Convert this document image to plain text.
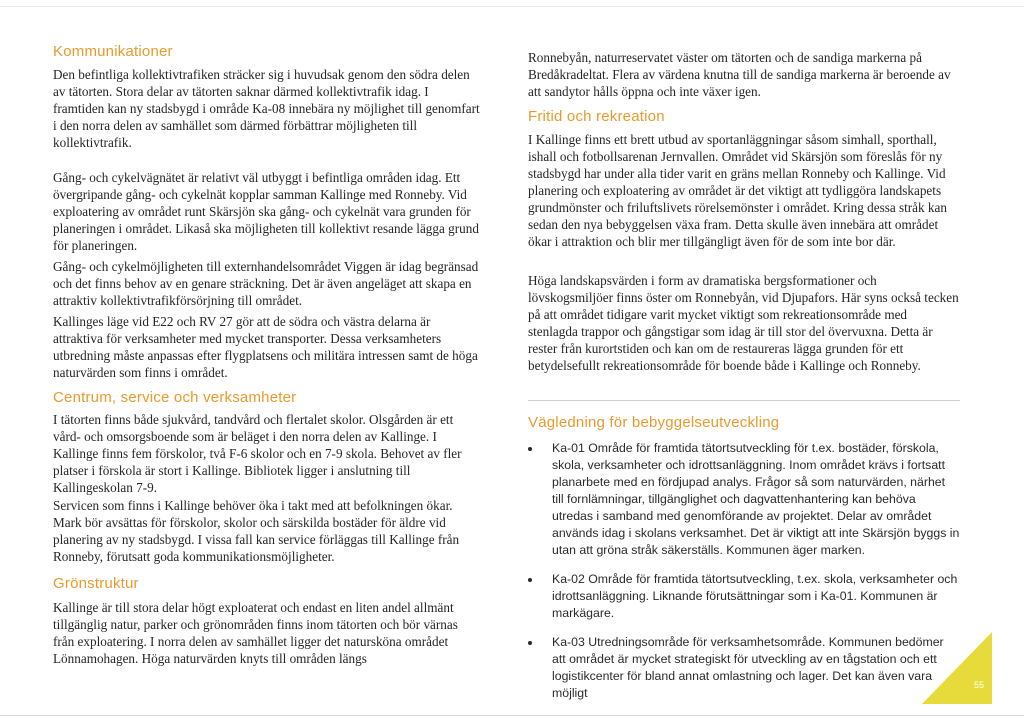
Kommunikationer

Den befintliga kollektivtrafiken sträcker sig i huvudsak genom den södra delen av tätorten. Stora delar av tätorten saknar därmed kollektivtrafik idag. I framtiden kan ny stadsbygd i område Ka-08 innebära ny möjlighet till genomfart i den norra delen av samhället som därmed förbättrar möjligheten till kollektivtrafik.

Gång- och cykelvägnätet är relativt väl utbyggt i befintliga områden idag. Ett övergripande gång- och cykelnät kopplar samman Kallinge med Ronneby. Vid exploatering av området runt Skärsjön ska gång- och cykelnät vara grunden för planeringen i området. Likaså ska möjligheten till kollektivt resande lägga grund för planeringen.

Gång- och cykelmöjligheten till externhandelsområdet Viggen är idag begränsad och det finns behov av en genare sträckning. Det är även angeläget att skapa en attraktiv kollektivtrafikförsörjning till området.

Kallinges läge vid E22 och RV 27 gör att de södra och västra delarna är attraktiva för verksamheter med mycket transporter. Dessa verksamheters utbredning måste anpassas efter flygplatsens och militära intressen samt de höga naturvärden som finns i området.

Centrum, service och verksamheter

I tätorten finns både sjukvård, tandvård och flertalet skolor. Olsgården är ett vård- och omsorgsboende som är beläget i den norra delen av Kallinge. I Kallinge finns fem förskolor, två F-6 skolor och en 7-9 skola. Behovet av fler platser i förskola är stort i Kallinge. Bibliotek ligger i anslutning till Kallingeskolan 7-9.

Servicen som finns i Kallinge behöver öka i takt med att befolkningen ökar. Mark bör avsättas för förskolor, skolor och särskilda bostäder för äldre vid planering av ny stadsbygd. I vissa fall kan service förläggas till Kallinge från Ronneby, förutsatt goda kommunikationsmöjligheter.

Grönstruktur

Kallinge är till stora delar högt exploaterat och endast en liten andel allmänt tillgänglig natur, parker och grönområden finns inom tätorten och bör värnas från exploatering. I norra delen av samhället ligger det natursköna området Lönnamohagen. Höga naturvärden knyts till områden längs

Ronnebyån, naturreservatet väster om tätorten och de sandiga markerna på Bredåkradeltat. Flera av värdena knutna till de sandiga markerna är beroende av att sandytor hålls öppna och inte växer igen.

Fritid och rekreation

I Kallinge finns ett brett utbud av sportanläggningar såsom simhall, sporthall, ishall och fotbollsarenan Jernvallen. Området vid Skärsjön som föreslås för ny stadsbygd har under alla tider varit en gräns mellan Ronneby och Kallinge. Vid planering och exploatering av området är det viktigt att tydliggöra landskapets grundmönster och friluftslivets rörelsemönster i området. Kring dessa stråk kan sedan den nya bebyggelsen växa fram. Detta skulle även innebära att området ökar i attraktion och blir mer tillgängligt även för de som inte bor där.

Höga landskapsvärden i form av dramatiska bergsformationer och lövskogsmiljöer finns öster om Ronnebyån, vid Djupafors. Här syns också tecken på att området tidigare varit mycket viktigt som rekreationsområde med stenlagda trappor och gångstigar som idag är till stor del övervuxna. Detta är rester från kurortstiden och kan om de restaureras lägga grunden för ett betydelsefullt rekreationsområde för boende både i Kallinge och Ronneby.

Vägledning för bebyggelseutveckling
Ka-01 Område för framtida tätortsutveckling för t.ex. bostäder, förskola, skola, verksamheter och idrottsanläggning. Inom området krävs i fortsatt planarbete med en fördjupad analys. Frågor så som naturvärden, närhet till fornlämningar, tillgänglighet och dagvattenhantering kan behöva utredas i samband med genomförande av projektet. Delar av området används idag i skolans verksamhet. Det är viktigt att inte Skärsjön byggs in utan att gröna stråk säkerställs. Kommunen äger marken.
Ka-02 Område för framtida tätortsutveckling, t.ex. skola, verksamheter och idrottsanläggning. Liknande förutsättningar som i Ka-01. Kommunen är markägare.
Ka-03 Utredningsområde för verksamhetsområde. Kommunen bedömer att området är mycket strategiskt för utveckling av en tågstation och ett logistikcenter för bland annat omlastning och lager. Det kan även vara möjligt
55
